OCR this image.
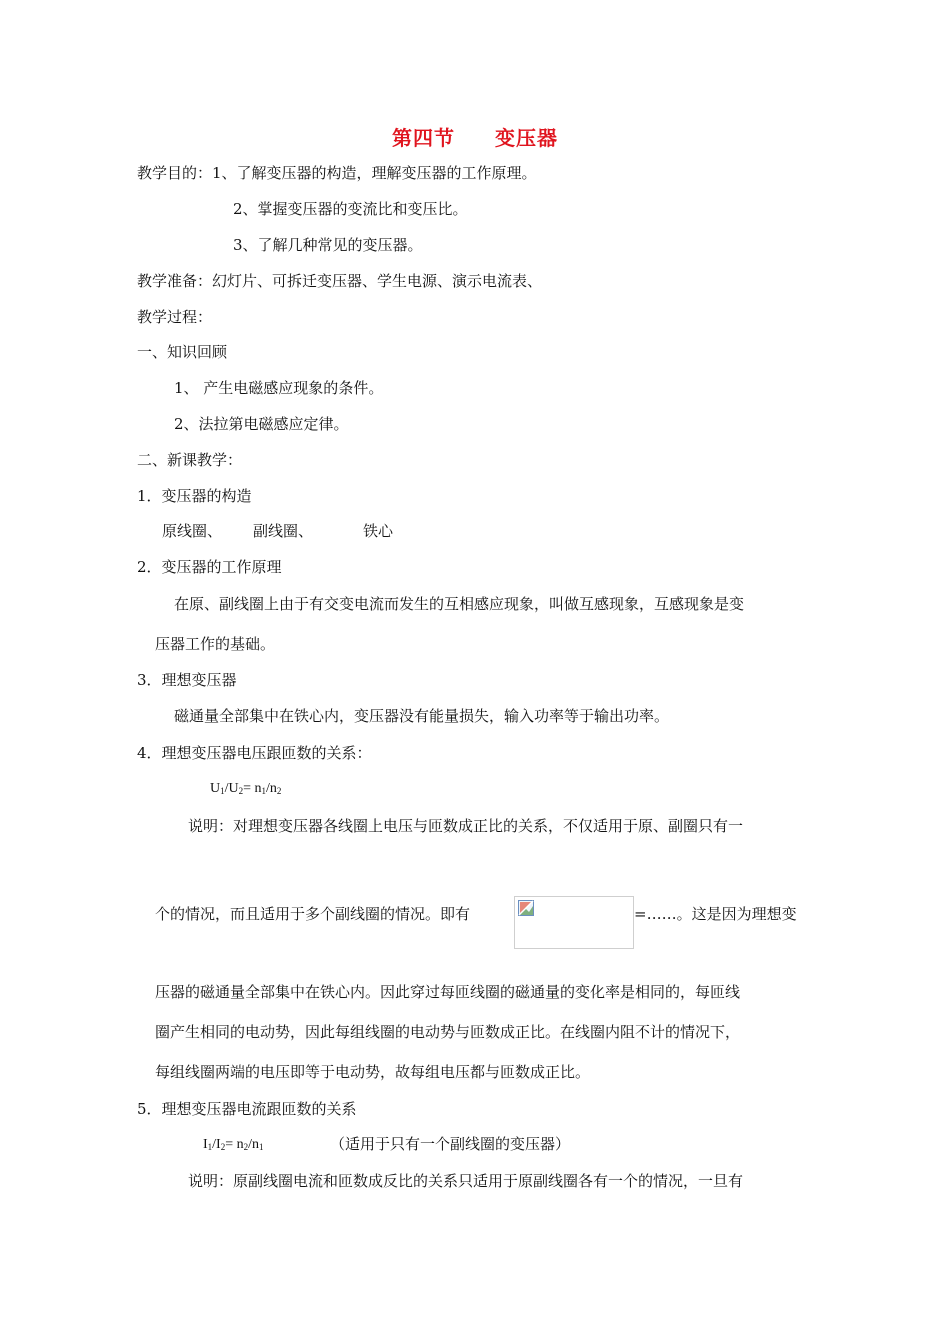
第四节 变压器
教学目的：1、了解变压器的构造，理解变压器的工作原理。
2、掌握变压器的变流比和变压比。
3、了解几种常见的变压器。
教学准备：幻灯片、可拆迁变压器、学生电源、演示电流表、
教学过程：
一、知识回顾
1、 产生电磁感应现象的条件。
2、法拉第电磁感应定律。
二、新课教学：
1．变压器的构造
原线圈、 副线圈、	铁心
2．变压器的工作原理
在原、副线圈上由于有交变电流而发生的互相感应现象，叫做互感现象，互感现象是变
压器工作的基础。
3．理想变压器
磁通量全部集中在铁心内，变压器没有能量损失，输入功率等于输出功率。
4．理想变压器电压跟匝数的关系：
$U_1/U_2= n_1/n_2$
说明：对理想变压器各线圈上电压与匝数成正比的关系，不仅适用于原、副圈只有一
个的情况，而且适用于多个副线圈的情况。即有	=……。这是因为理想变
压器的磁通量全部集中在铁心内。因此穿过每匝线圈的磁通量的变化率是相同的，每匝线
圈产生相同的电动势，因此每组线圈的电动势与匝数成正比。在线圈内阻不计的情况下，
每组线圈两端的电压即等于电动势，故每组电压都与匝数成正比。
5．理想变压器电流跟匝数的关系
$I_1/I_2= n_2/n_1$	（适用于只有一个副线圈的变压器）
说明：原副线圈电流和匝数成反比的关系只适用于原副线圈各有一个的情况，一旦有
